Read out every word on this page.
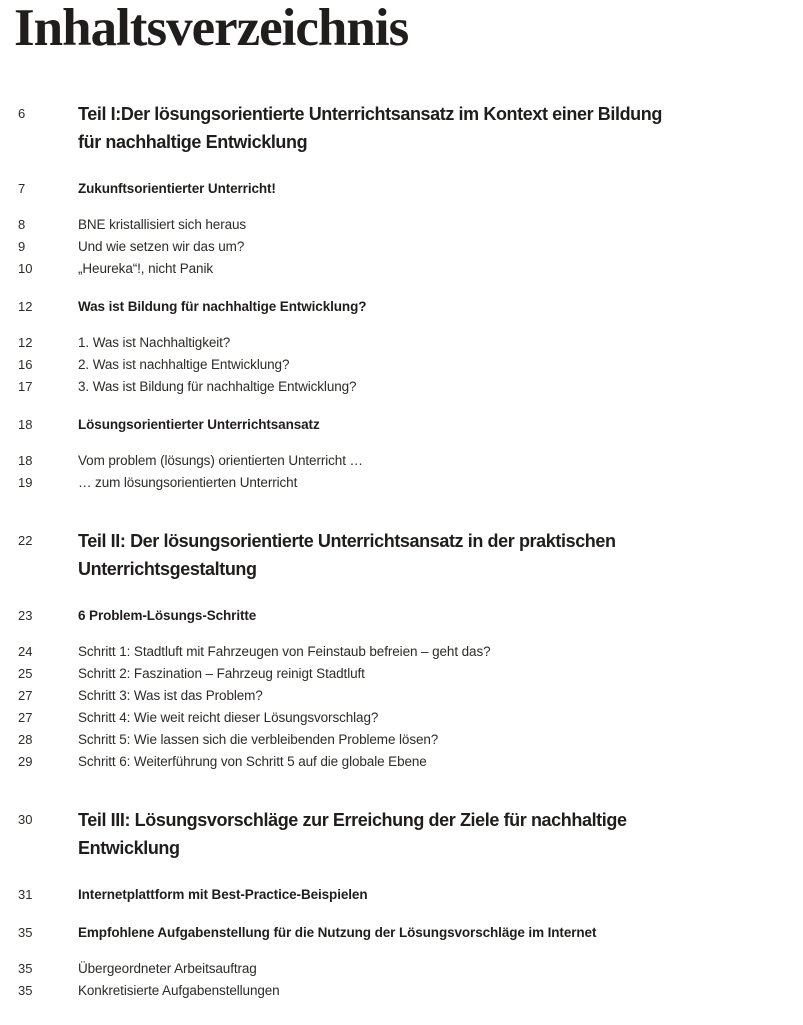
Inhaltsverzeichnis
6	Teil I:Der lösungsorientierte Unterrichtsansatz im Kontext einer Bildung
für nachhaltige Entwicklung
7	Zukunftsorientierter Unterricht!
8	BNE kristallisiert sich heraus
9	Und wie setzen wir das um?
10	„Heureka“!, nicht Panik
12	Was ist Bildung für nachhaltige Entwicklung?
12	1. Was ist Nachhaltigkeit?
16	2. Was ist nachhaltige Entwicklung?
17	3. Was ist Bildung für nachhaltige Entwicklung?
18	Lösungsorientierter Unterrichtsansatz
18	Vom problem (lösungs) orientierten Unterricht …
19	… zum lösungsorientierten Unterricht
22	Teil II: Der lösungsorientierte Unterrichtsansatz in der praktischen
Unterrichtsgestaltung
23	6 Problem-Lösungs-Schritte
24	Schritt 1: Stadtluft mit Fahrzeugen von Feinstaub befreien – geht das?
25	Schritt 2: Faszination – Fahrzeug reinigt Stadtluft
27	Schritt 3: Was ist das Problem?
27	Schritt 4: Wie weit reicht dieser Lösungsvorschlag?
28	Schritt 5: Wie lassen sich die verbleibenden Probleme lösen?
29	Schritt 6: Weiterführung von Schritt 5 auf die globale Ebene
30	Teil III: Lösungsvorschläge zur Erreichung der Ziele für nachhaltige
Entwicklung
31	Internetplattform mit Best-Practice-Beispielen
35	Empfohlene Aufgabenstellung für die Nutzung der Lösungsvorschläge im Internet
35	Übergeordneter Arbeitsauftrag
35	Konkretisierte Aufgabenstellungen
